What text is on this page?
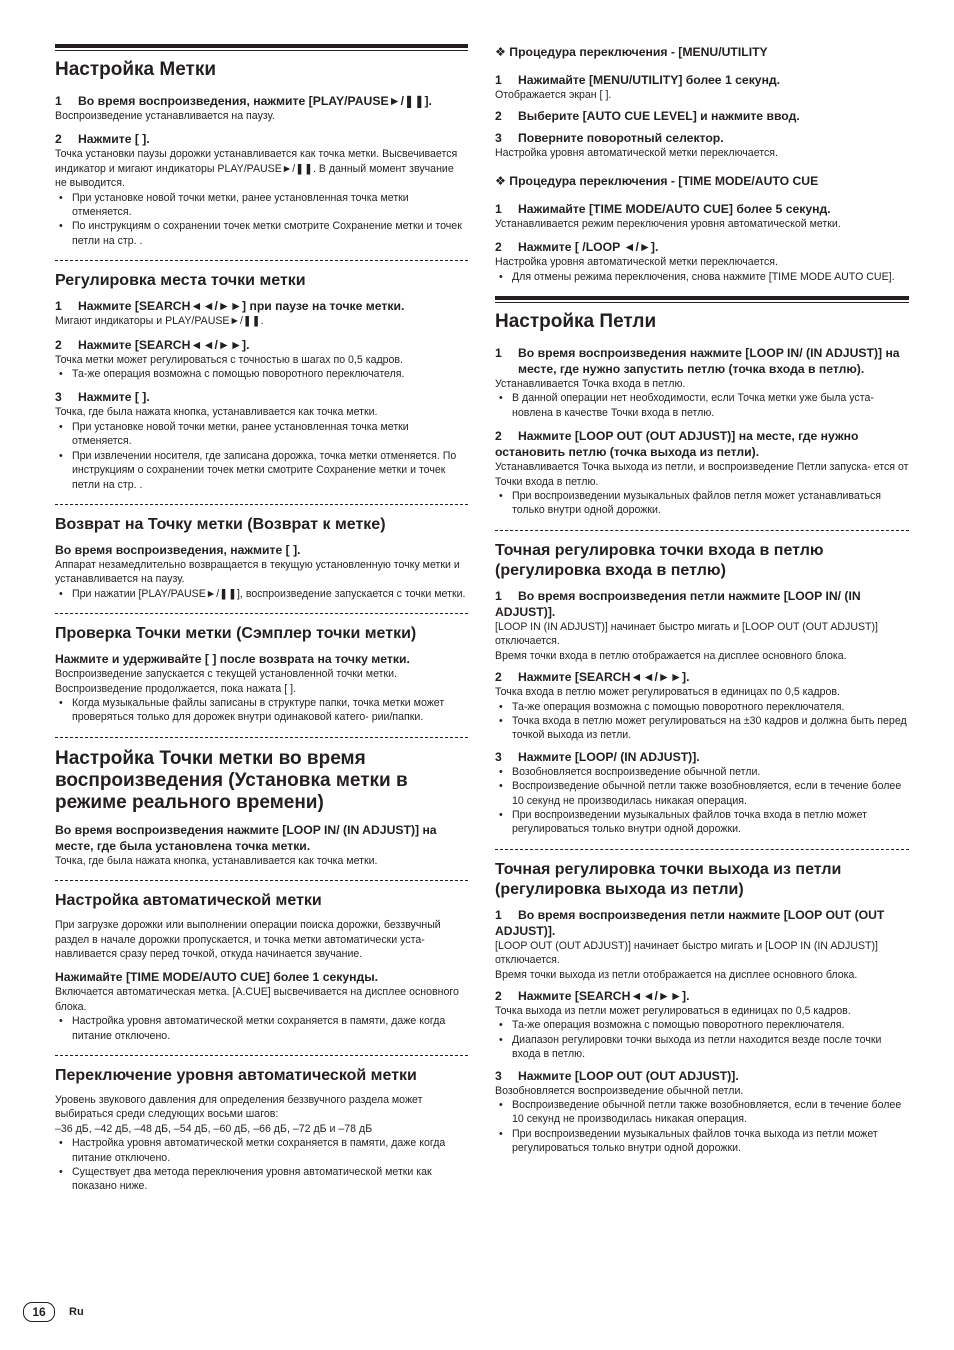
Настройка Метки

1 Во время воспроизведения, нажмите [PLAY/PAUSE►/❚❚].

Воспроизведение устанавливается на паузу.

2 Нажмите [ ].

Точка установки паузы дорожки устанавливается как точка метки. Высвечивается индикатор и мигают индикаторы PLAY/PAUSE►/❚❚. В данный момент звучание не выводится.

• При установке новой точки метки, ранее установленная точка метки отменяется.
• По инструкциям о сохранении точек метки смотрите Сохранение метки и точек петли на стр. .
Регулировка места точки метки

1 Нажмите [SEARCH◄◄/►►] при паузе на точке метки.

Мигают индикаторы и PLAY/PAUSE►/❚❚.

2 Нажмите [SEARCH◄◄/►►].

Точка метки может регулироваться с точностью в шагах по 0,5 кадров.

• Та-же операция возможна с помощью поворотного переключателя.

3 Нажмите [ ].

Точка, где была нажата кнопка, устанавливается как точка метки.

• При установке новой точки метки, ранее установленная точка метки отменяется.
• При извлечении носителя, где записана дорожка, точка метки отменяется. По инструкциям о сохранении точек метки смотрите Сохранение метки и точек петли на стр. .
Возврат на Точку метки (Возврат к метке)

Во время воспроизведения, нажмите [ ].

Аппарат незамедлительно возвращается в текущую установленную точку метки и устанавливается на паузу.

• При нажатии [PLAY/PAUSE►/❚❚], воспроизведение запускается с точки метки.
Проверка Точки метки (Сэмплер точки метки)

Нажмите и удерживайте [ ] после возврата на точку метки.

Воспроизведение запускается с текущей установленной точки метки. Воспроизведение продолжается, пока нажата [ ].

• Когда музыкальные файлы записаны в структуре папки, точка метки может проверяться только для дорожек внутри одинаковой катего- рии/папки.
Настройка Точки метки во время воспроизведения (Установка метки в режиме реального времени)

Во время воспроизведения нажмите [LOOP IN/ (IN ADJUST)] на месте, где была установлена точка метки.

Точка, где была нажата кнопка, устанавливается как точка метки.

Настройка автоматической метки

При загрузке дорожки или выполнении операции поиска дорожки, беззвучный раздел в начале дорожки пропускается, и точка метки автоматически уста- навливается сразу перед точкой, откуда начинается звучание.

Нажимайте [TIME MODE/AUTO CUE] более 1 секунды.

Включается автоматическая метка. [A.CUE] высвечивается на дисплее основного блока.

• Настройка уровня автоматической метки сохраняется в памяти, даже когда питание отключено.
Переключение уровня автоматической метки

Уровень звукового давления для определения беззвучного раздела может выбираться среди следующих восьми шагов:

–36 дБ, –42 дБ, –48 дБ, –54 дБ, –60 дБ, –66 дБ, –72 дБ и –78 дБ

• Настройка уровня автоматической метки сохраняется в памяти, даже когда питание отключено.
• Существует два метода переключения уровня автоматической метки как показано ниже.

❖ Процедура переключения - [MENU/UTILITY

1 Нажимайте [MENU/UTILITY] более 1 секунд.

Отображается экран [ ].

2 Выберите [AUTO CUE LEVEL] и нажмите ввод.

3 Поверните поворотный селектор.

Настройка уровня автоматической метки переключается.

❖ Процедура переключения - [TIME MODE/AUTO CUE

1 Нажимайте [TIME MODE/AUTO CUE] более 5 секунд.

Устанавливается режим переключения уровня автоматической метки.

2 Нажмите [ /LOOP ◄/►].

Настройка уровня автоматической метки переключается.

• Для отмены режима переключения, снова нажмите [TIME MODE AUTO CUE].
Настройка Петли

1 Во время воспроизведения нажмите [LOOP IN/ (IN ADJUST)] на месте, где нужно запустить петлю (точка входа в петлю).

Устанавливается Точка входа в петлю.

• В данной операции нет необходимости, если Точка метки уже была уста- новлена в качестве Точки входа в петлю.

2 Нажмите [LOOP OUT (OUT ADJUST)] на месте, где нужно остановить петлю (точка выхода из петли).

Устанавливается Точка выхода из петли, и воспроизведение Петли запуска- ется от Точки входа в петлю.

• При воспроизведении музыкальных файлов петля может устанавливаться только внутри одной дорожки.
Точная регулировка точки входа в петлю (регулировка входа в петлю)

1 Во время воспроизведения петли нажмите [LOOP IN/ (IN ADJUST)].

[LOOP IN (IN ADJUST)] начинает быстро мигать и [LOOP OUT (OUT ADJUST)] отключается.

Время точки входа в петлю отображается на дисплее основного блока.

2 Нажмите [SEARCH◄◄/►►].

Точка входа в петлю может регулироваться в единицах по 0,5 кадров.

• Та-же операция возможна с помощью поворотного переключателя.
• Точка входа в петлю может регулироваться на ±30 кадров и должна быть перед точкой выхода из петли.

3 Нажмите [LOOP/ (IN ADJUST)].

• Возобновляется воспроизведение обычной петли.
• Воспроизведение обычной петли также возобновляется, если в течение более 10 секунд не производилась никакая операция.
• При воспроизведении музыкальных файлов точка входа в петлю может регулироваться только внутри одной дорожки.
Точная регулировка точки выхода из петли (регулировка выхода из петли)

1 Во время воспроизведения петли нажмите [LOOP OUT (OUT ADJUST)].

[LOOP OUT (OUT ADJUST)] начинает быстро мигать и [LOOP IN (IN ADJUST)] отключается.

Время точки выхода из петли отображается на дисплее основного блока.

2 Нажмите [SEARCH◄◄/►►].

Точка выхода из петли может регулироваться в единицах по 0,5 кадров.

• Та-же операция возможна с помощью поворотного переключателя.
• Диапазон регулировки точки выхода из петли находится везде после точки входа в петлю.

3 Нажмите [LOOP OUT (OUT ADJUST)].

Возобновляется воспроизведение обычной петли.

• Воспроизведение обычной петли также возобновляется, если в течение более 10 секунд не производилась никакая операция.
• При воспроизведении музыкальных файлов точка выхода из петли может регулироваться только внутри одной дорожки.
16	Ru
